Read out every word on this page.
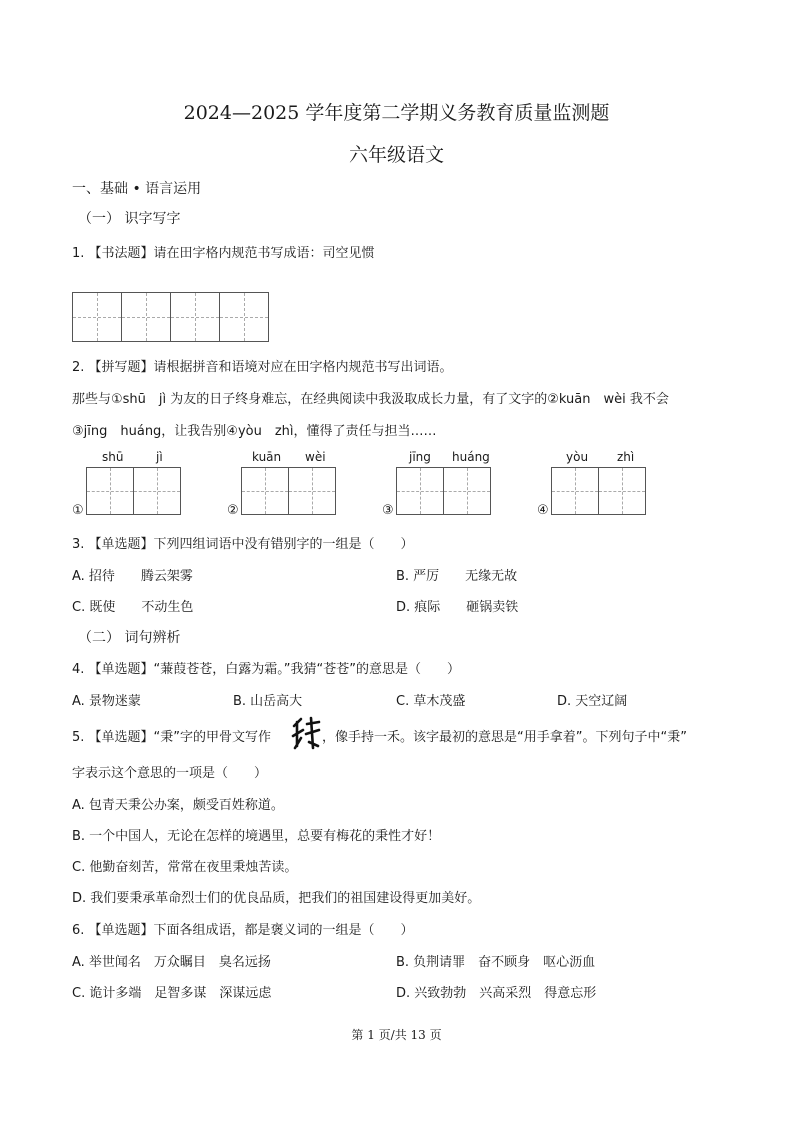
2024—2025 学年度第二学期义务教育质量监测题
六年级语文
一、基础 • 语言运用
（一） 识字写字
1. 【书法题】请在田字格内规范书写成语：司空见惯
2. 【拼写题】请根据拼音和语境对应在田字格内规范书写出词语。
那些与①shū　jì 为友的日子终身难忘，在经典阅读中我汲取成长力量，有了文字的②kuān　wèi 我不会
③jīng　huáng，让我告别④yòu　zhì，懂得了责任与担当……
shū	jì
①
kuān wèi
②
jīng huáng
③
yòu zhì
④
3. 【单选题】下列四组词语中没有错别字的一组是（　　）
A. 招待　　腾云架雾	B. 严厉　　无缘无故
C. 既使　　不动生色	D. 痕际　　砸锅卖铁
（二） 词句辨析
4. 【单选题】“蒹葭苍苍，白露为霜。”我猜“苍苍”的意思是（　　）
A. 景物迷蒙	B. 山岳高大	C. 草木茂盛	D. 天空辽阔
5. 【单选题】“秉”字的甲骨文写作	，像手持一禾。该字最初的意思是“用手拿着”。下列句子中“秉”
字表示这个意思的一项是（　　）
A. 包青天秉公办案，颇受百姓称道。
B. 一个中国人，无论在怎样的境遇里，总要有梅花的秉性才好！
C. 他勤奋刻苦，常常在夜里秉烛苦读。
D. 我们要秉承革命烈士们的优良品质，把我们的祖国建设得更加美好。
6. 【单选题】下面各组成语，都是褒义词的一组是（　　）
A. 举世闻名　万众瞩目　臭名远扬	B. 负荆请罪　奋不顾身　呕心沥血
C. 诡计多端　足智多谋　深谋远虑	D. 兴致勃勃　兴高采烈　得意忘形
第 1 页/共 13 页
